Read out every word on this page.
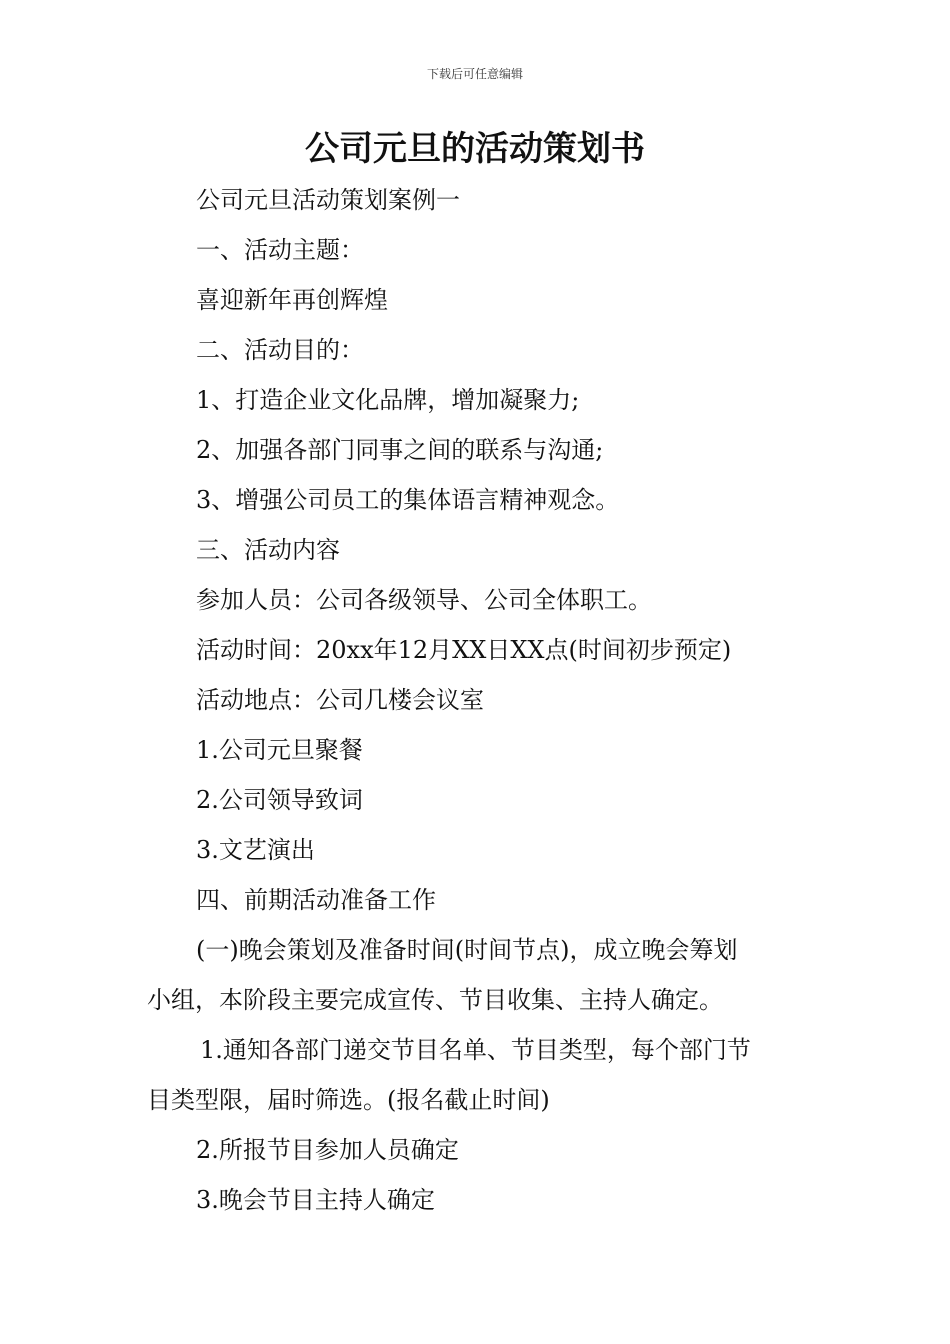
下载后可任意编辑
公司元旦的活动策划书

公司元旦活动策划案例一

一、活动主题：

喜迎新年再创辉煌

二、活动目的：

1、打造企业文化品牌，增加凝聚力;

2、加强各部门同事之间的联系与沟通;

3、增强公司员工的集体语言精神观念。

三、活动内容

参加人员：公司各级领导、公司全体职工。

活动时间：20xx年12月XX日XX点(时间初步预定)

活动地点：公司几楼会议室

1.公司元旦聚餐

2.公司领导致词

3.文艺演出

四、前期活动准备工作

(一)晚会策划及准备时间(时间节点)，成立晚会筹划

小组，本阶段主要完成宣传、节目收集、主持人确定。

1.通知各部门递交节目名单、节目类型，每个部门节

目类型限，届时筛选。(报名截止时间)

2.所报节目参加人员确定

3.晚会节目主持人确定
